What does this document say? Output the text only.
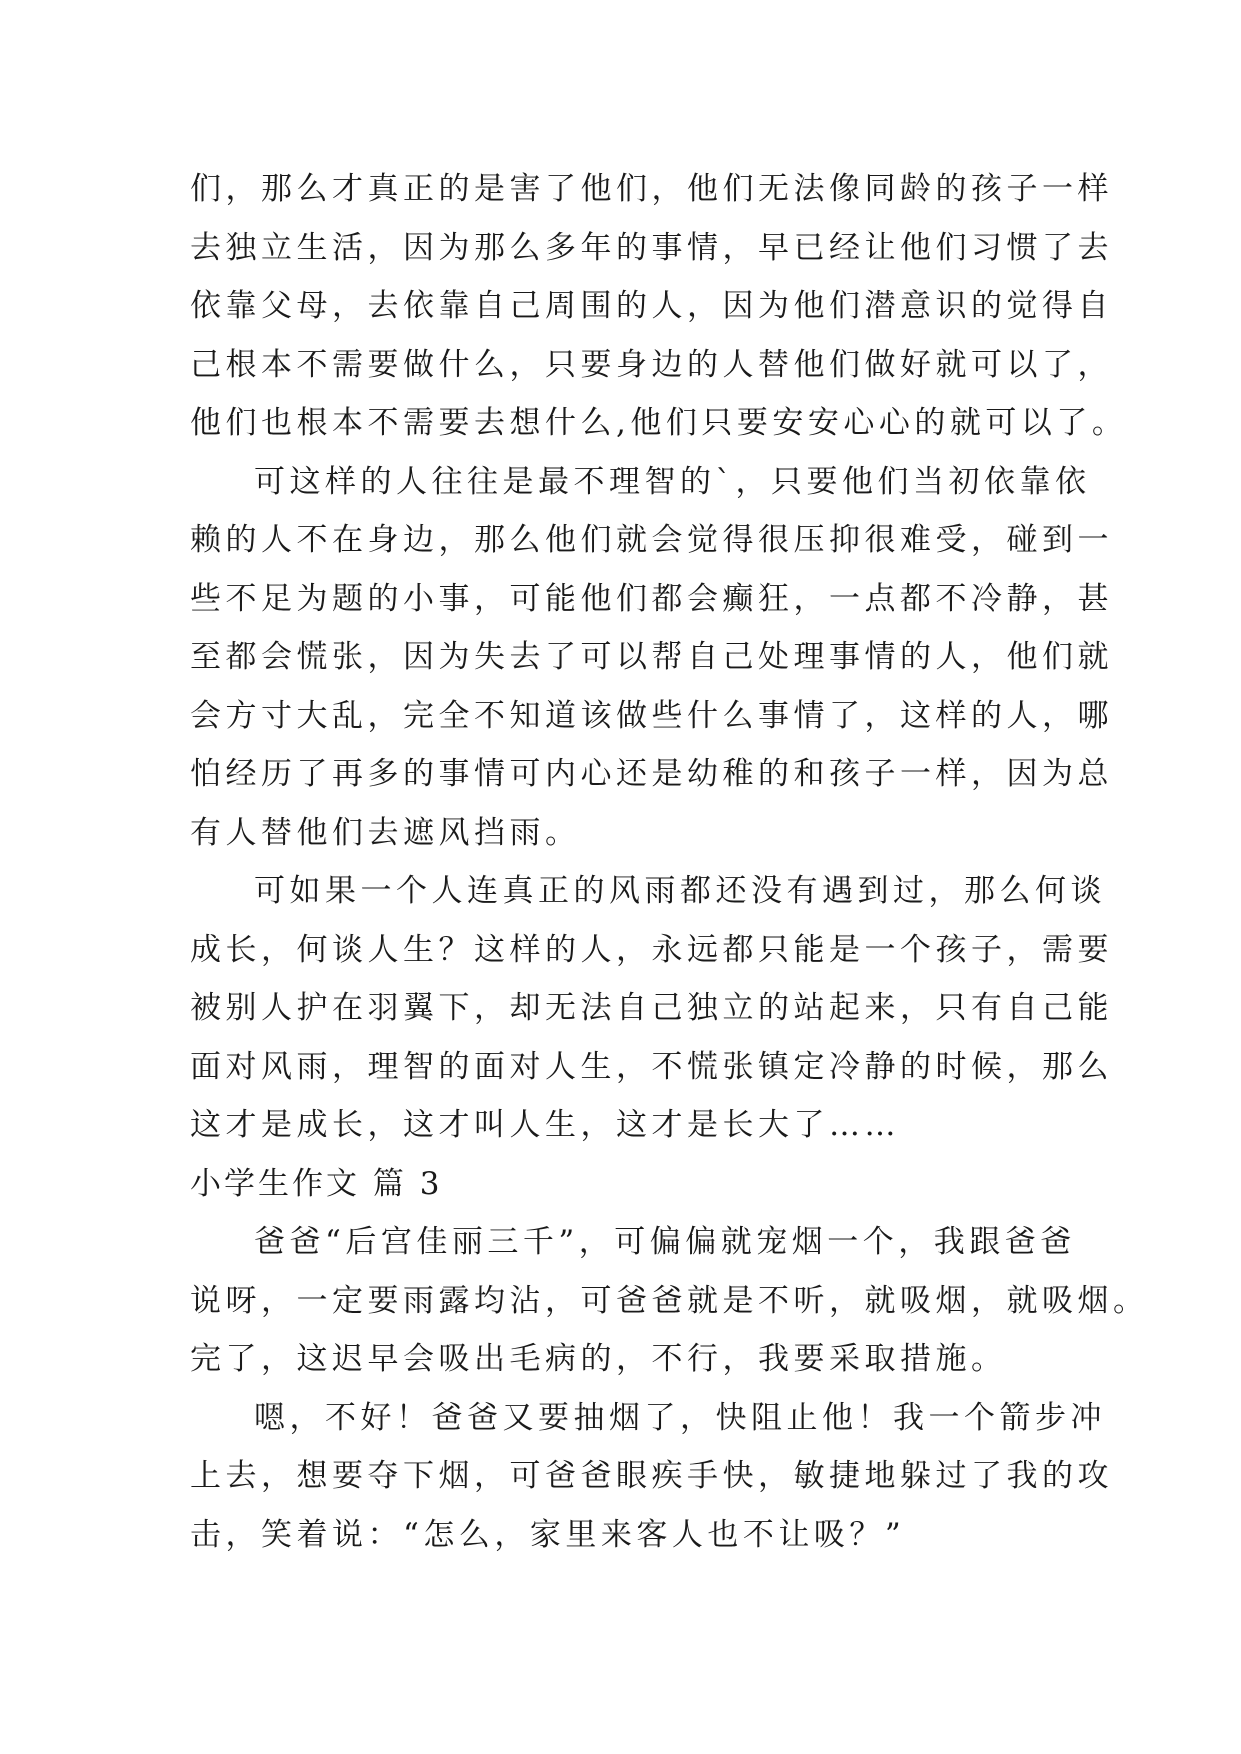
们，那么才真正的是害了他们，他们无法像同龄的孩子一样
去独立生活，因为那么多年的事情，早已经让他们习惯了去
依靠父母，去依靠自己周围的人，因为他们潜意识的觉得自
己根本不需要做什么，只要身边的人替他们做好就可以了，
他们也根本不需要去想什么,他们只要安安心心的就可以了。
可这样的人往往是最不理智的`，只要他们当初依靠依
赖的人不在身边，那么他们就会觉得很压抑很难受，碰到一
些不足为题的小事，可能他们都会癫狂，一点都不冷静，甚
至都会慌张，因为失去了可以帮自己处理事情的人，他们就
会方寸大乱，完全不知道该做些什么事情了，这样的人，哪
怕经历了再多的事情可内心还是幼稚的和孩子一样，因为总
有人替他们去遮风挡雨。
可如果一个人连真正的风雨都还没有遇到过，那么何谈
成长，何谈人生？这样的人，永远都只能是一个孩子，需要
被别人护在羽翼下，却无法自己独立的站起来，只有自己能
面对风雨，理智的面对人生，不慌张镇定冷静的时候，那么
这才是成长，这才叫人生，这才是长大了……
小学生作文 篇 3
爸爸“后宫佳丽三千”，可偏偏就宠烟一个，我跟爸爸
说呀，一定要雨露均沾，可爸爸就是不听，就吸烟，就吸烟。
完了，这迟早会吸出毛病的，不行，我要采取措施。
嗯，不好！爸爸又要抽烟了，快阻止他！我一个箭步冲
上去，想要夺下烟，可爸爸眼疾手快，敏捷地躲过了我的攻
击，笑着说：“怎么，家里来客人也不让吸？”
